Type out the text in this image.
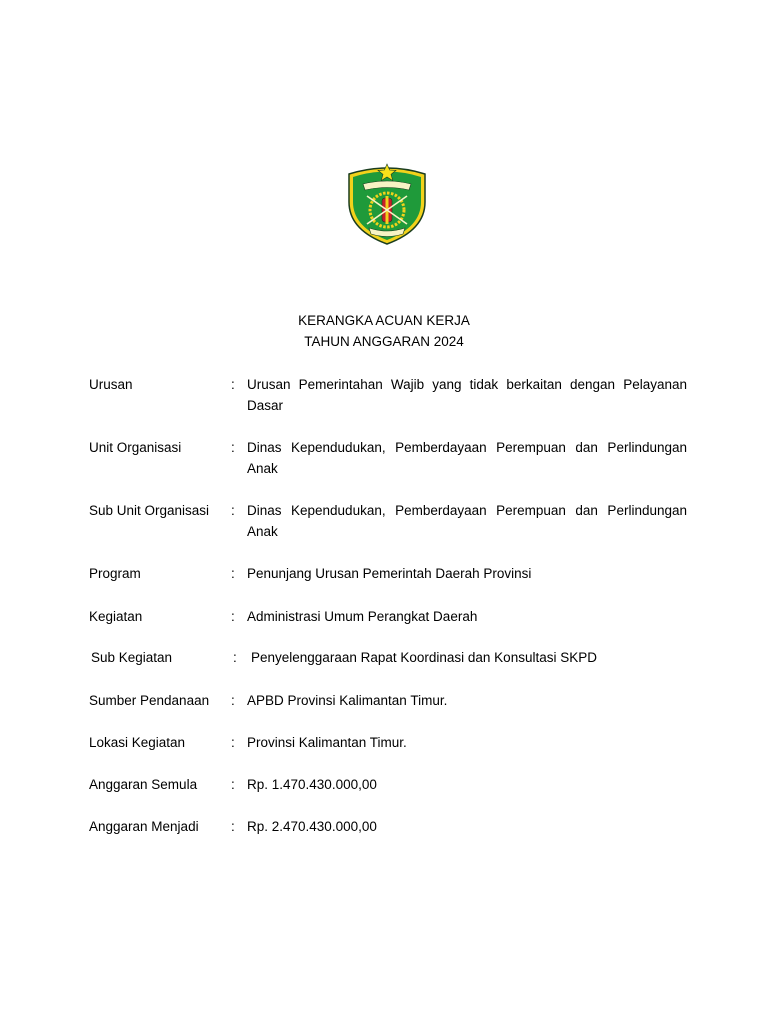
KERANGKA ACUAN KERJA
TAHUN ANGGARAN 2024
Urusan	: Urusan Pemerintahan Wajib yang tidak berkaitan dengan Pelayanan Dasar
Unit Organisasi	: Dinas Kependudukan, Pemberdayaan Perempuan dan Perlindungan Anak
Sub Unit Organisasi : Dinas Kependudukan, Pemberdayaan Perempuan dan Perlindungan Anak
Program	: Penunjang Urusan Pemerintah Daerah Provinsi
Kegiatan	: Administrasi Umum Perangkat Daerah
Sub Kegiatan	: Penyelenggaraan Rapat Koordinasi dan Konsultasi SKPD
Sumber Pendanaan : APBD Provinsi Kalimantan Timur.
Lokasi Kegiatan	: Provinsi Kalimantan Timur.
Anggaran Semula	: Rp. 1.470.430.000,00
Anggaran Menjadi : Rp. 2.470.430.000,00
